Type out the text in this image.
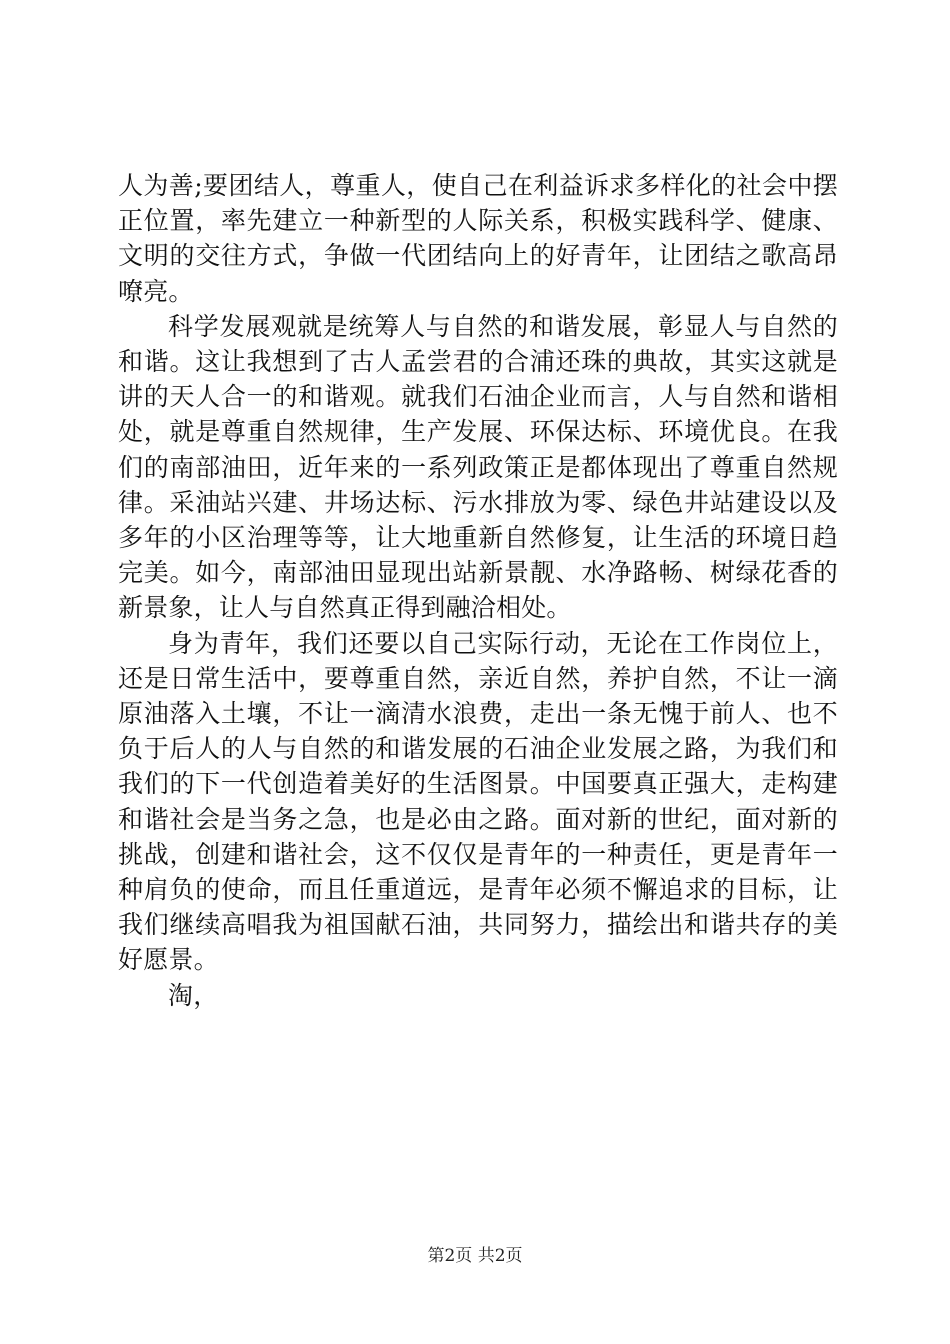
人为善;要团结人，尊重人，使自己在利益诉求多样化的社会中摆正位置，率先建立一种新型的人际关系，积极实践科学、健康、文明的交往方式，争做一代团结向上的好青年，让团结之歌高昂嘹亮。

科学发展观就是统筹人与自然的和谐发展，彰显人与自然的和谐。这让我想到了古人孟尝君的合浦还珠的典故，其实这就是讲的天人合一的和谐观。就我们石油企业而言，人与自然和谐相处，就是尊重自然规律，生产发展、环保达标、环境优良。在我们的南部油田，近年来的一系列政策正是都体现出了尊重自然规律。采油站兴建、井场达标、污水排放为零、绿色井站建设以及多年的小区治理等等，让大地重新自然修复，让生活的环境日趋完美。如今，南部油田显现出站新景靓、水净路畅、树绿花香的新景象，让人与自然真正得到融洽相处。

身为青年，我们还要以自己实际行动，无论在工作岗位上，还是日常生活中，要尊重自然，亲近自然，养护自然，不让一滴原油落入土壤，不让一滴清水浪费，走出一条无愧于前人、也不负于后人的人与自然的和谐发展的石油企业发展之路，为我们和我们的下一代创造着美好的生活图景。中国要真正强大，走构建和谐社会是当务之急，也是必由之路。面对新的世纪，面对新的挑战，创建和谐社会，这不仅仅是青年的一种责任，更是青年一种肩负的使命，而且任重道远，是青年必须不懈追求的目标，让我们继续高唱我为祖国献石油，共同努力，描绘出和谐共存的美好愿景。

淘，

第2页 共2页
